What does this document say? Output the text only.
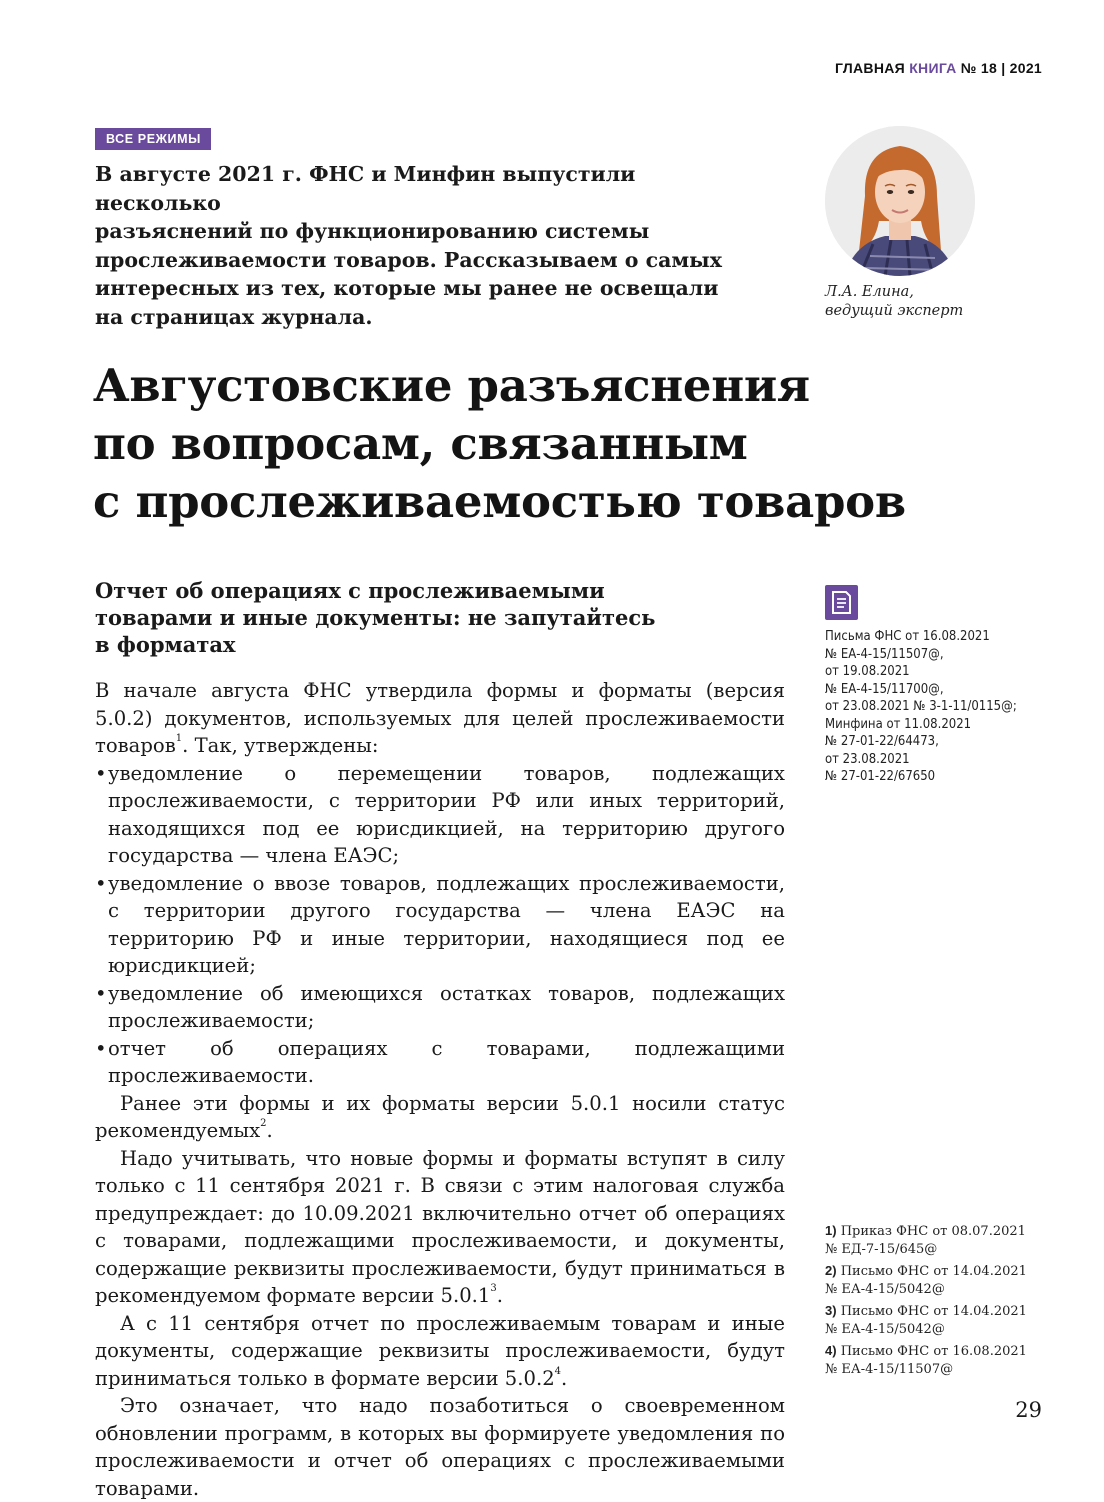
ГЛАВНАЯ КНИГА № 18 | 2021
ВСЕ РЕЖИМЫ
В августе 2021 г. ФНС и Минфин выпустили несколько
разъяснений по функционированию системы
прослеживаемости товаров. Рассказываем о самых
интересных из тех, которые мы ранее не освещали
на страницах журнала.
Л.А. Елина,
ведущий эксперт
Августовские разъяснения
по вопросам, связанным
с прослеживаемостью товаров
Отчет об операциях с прослеживаемыми
товарами и иные документы: не запутайтесь
в форматах

В начале августа ФНС утвердила формы и форматы (версия 5.0.2) документов, используемых для целей прослеживаемости товаров$^1$. Так, утверждены:

• уведомление о перемещении товаров, подлежащих прослеживаемости, с территории РФ или иных территорий, находящихся под ее юрисдикцией, на территорию другого государства — члена ЕАЭС;
• уведомление о ввозе товаров, подлежащих прослеживаемости, с территории другого государства — члена ЕАЭС на территорию РФ и иные территории, находящиеся под ее юрисдикцией;
• уведомление об имеющихся остатках товаров, подлежащих прослеживаемости;
• отчет об операциях с товарами, подлежащими прослеживаемости.

Ранее эти формы и их форматы версии 5.0.1 носили статус рекомендуемых$^2$.

Надо учитывать, что новые формы и форматы вступят в силу только с 11 сентября 2021 г. В связи с этим налоговая служба предупреждает: до 10.09.2021 включительно отчет об операциях с товарами, подлежащими прослеживаемости, и документы, содержащие реквизиты прослеживаемости, будут приниматься в рекомендуемом формате версии 5.0.1$^3$.

А с 11 сентября отчет по прослеживаемым товарам и иные документы, содержащие реквизиты прослеживаемости, будут приниматься только в формате версии 5.0.2$^4$.

Это означает, что надо позаботиться о своевременном обновлении программ, в которых вы формируете уведомления по прослеживаемости и отчет об операциях с прослеживаемыми товарами.

Письма ФНС от 16.08.2021
№ ЕА-4-15/11507@,
от 19.08.2021
№ ЕА-4-15/11700@,
от 23.08.2021 № 3-1-11/0115@;
Минфина от 11.08.2021
№ 27-01-22/64473,
от 23.08.2021
№ 27-01-22/67650
1) Приказ ФНС от 08.07.2021
№ ЕД-7-15/645@
2) Письмо ФНС от 14.04.2021
№ ЕА-4-15/5042@
3) Письмо ФНС от 14.04.2021
№ ЕА-4-15/5042@
4) Письмо ФНС от 16.08.2021
№ ЕА-4-15/11507@
29
